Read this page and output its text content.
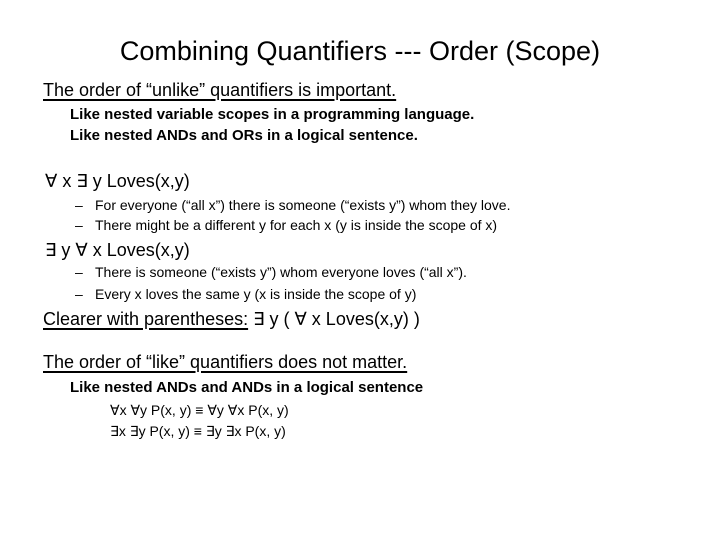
Combining Quantifiers --- Order (Scope)
The order of “unlike” quantifiers is important.
Like nested variable scopes in a programming language.
Like nested ANDs and ORs in a logical sentence.
∀ x ∃ y Loves(x,y)
– For everyone (“all x”) there is someone (“exists y”) whom they love.
– There might be a different y for each x (y is inside the scope of x)
∃ y ∀ x Loves(x,y)
– There is someone (“exists y”) whom everyone loves (“all x”).
– Every x loves the same y (x is inside the scope of y)
Clearer with parentheses: ∃ y ( ∀ x Loves(x,y) )
The order of “like” quantifiers does not matter.
Like nested ANDs and ANDs in a logical sentence
∀x ∀y P(x, y) ≡ ∀y ∀x P(x, y)
∃x ∃y P(x, y) ≡ ∃y ∃x P(x, y)
